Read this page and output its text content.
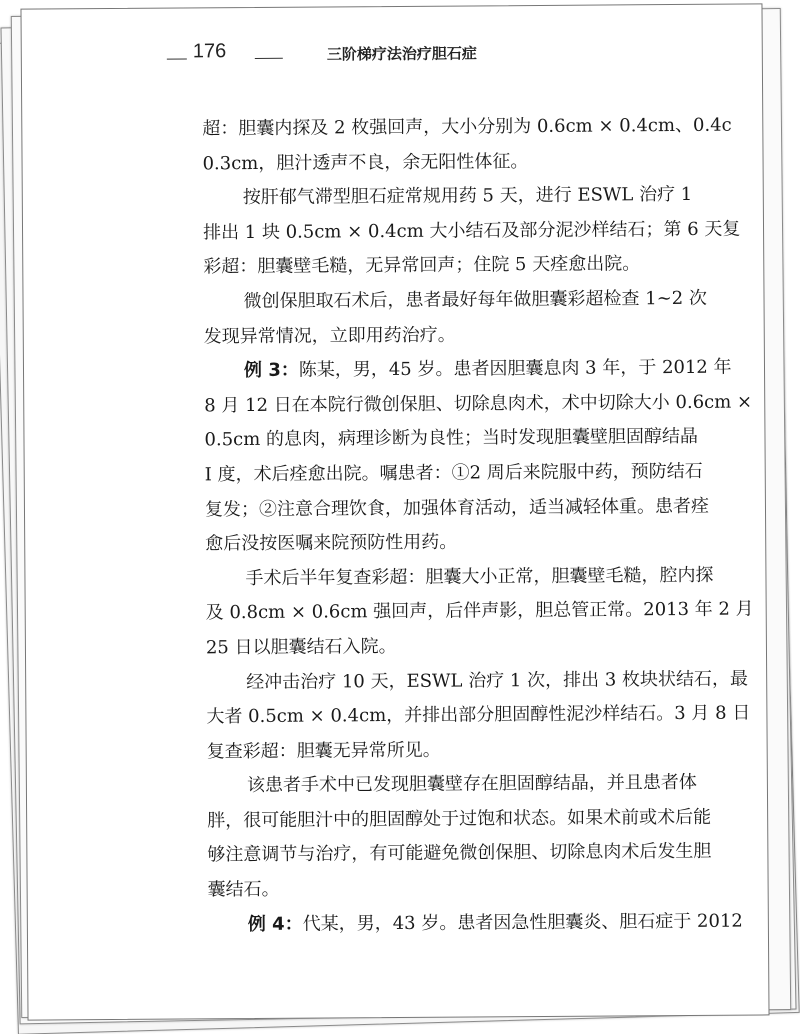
176	三阶梯疗法治疗胆石症
超：胆囊内探及 2 枚强回声，大小分别为 0.6cm × 0.4cm、0.4c
0.3cm，胆汁透声不良，余无阳性体征。
按肝郁气滞型胆石症常规用药 5 天，进行 ESWL 治疗 1
排出 1 块 0.5cm × 0.4cm 大小结石及部分泥沙样结石；第 6 天复
彩超：胆囊壁毛糙，无异常回声；住院 5 天痊愈出院。
微创保胆取石术后，患者最好每年做胆囊彩超检查 1~2 次
发现异常情况，立即用药治疗。
例 3：陈某，男，45 岁。患者因胆囊息肉 3 年，于 2012 年
8 月 12 日在本院行微创保胆、切除息肉术，术中切除大小 0.6cm ×
0.5cm 的息肉，病理诊断为良性；当时发现胆囊壁胆固醇结晶
I 度，术后痊愈出院。嘱患者：①2 周后来院服中药，预防结石
复发；②注意合理饮食，加强体育活动，适当减轻体重。患者痊
愈后没按医嘱来院预防性用药。
手术后半年复查彩超：胆囊大小正常，胆囊壁毛糙，腔内探
及 0.8cm × 0.6cm 强回声，后伴声影，胆总管正常。2013 年 2 月
25 日以胆囊结石入院。
经冲击治疗 10 天，ESWL 治疗 1 次，排出 3 枚块状结石，最
大者 0.5cm × 0.4cm，并排出部分胆固醇性泥沙样结石。3 月 8 日
复查彩超：胆囊无异常所见。
该患者手术中已发现胆囊壁存在胆固醇结晶，并且患者体
胖，很可能胆汁中的胆固醇处于过饱和状态。如果术前或术后能
够注意调节与治疗，有可能避免微创保胆、切除息肉术后发生胆
囊结石。
例 4：代某，男，43 岁。患者因急性胆囊炎、胆石症于 2012
